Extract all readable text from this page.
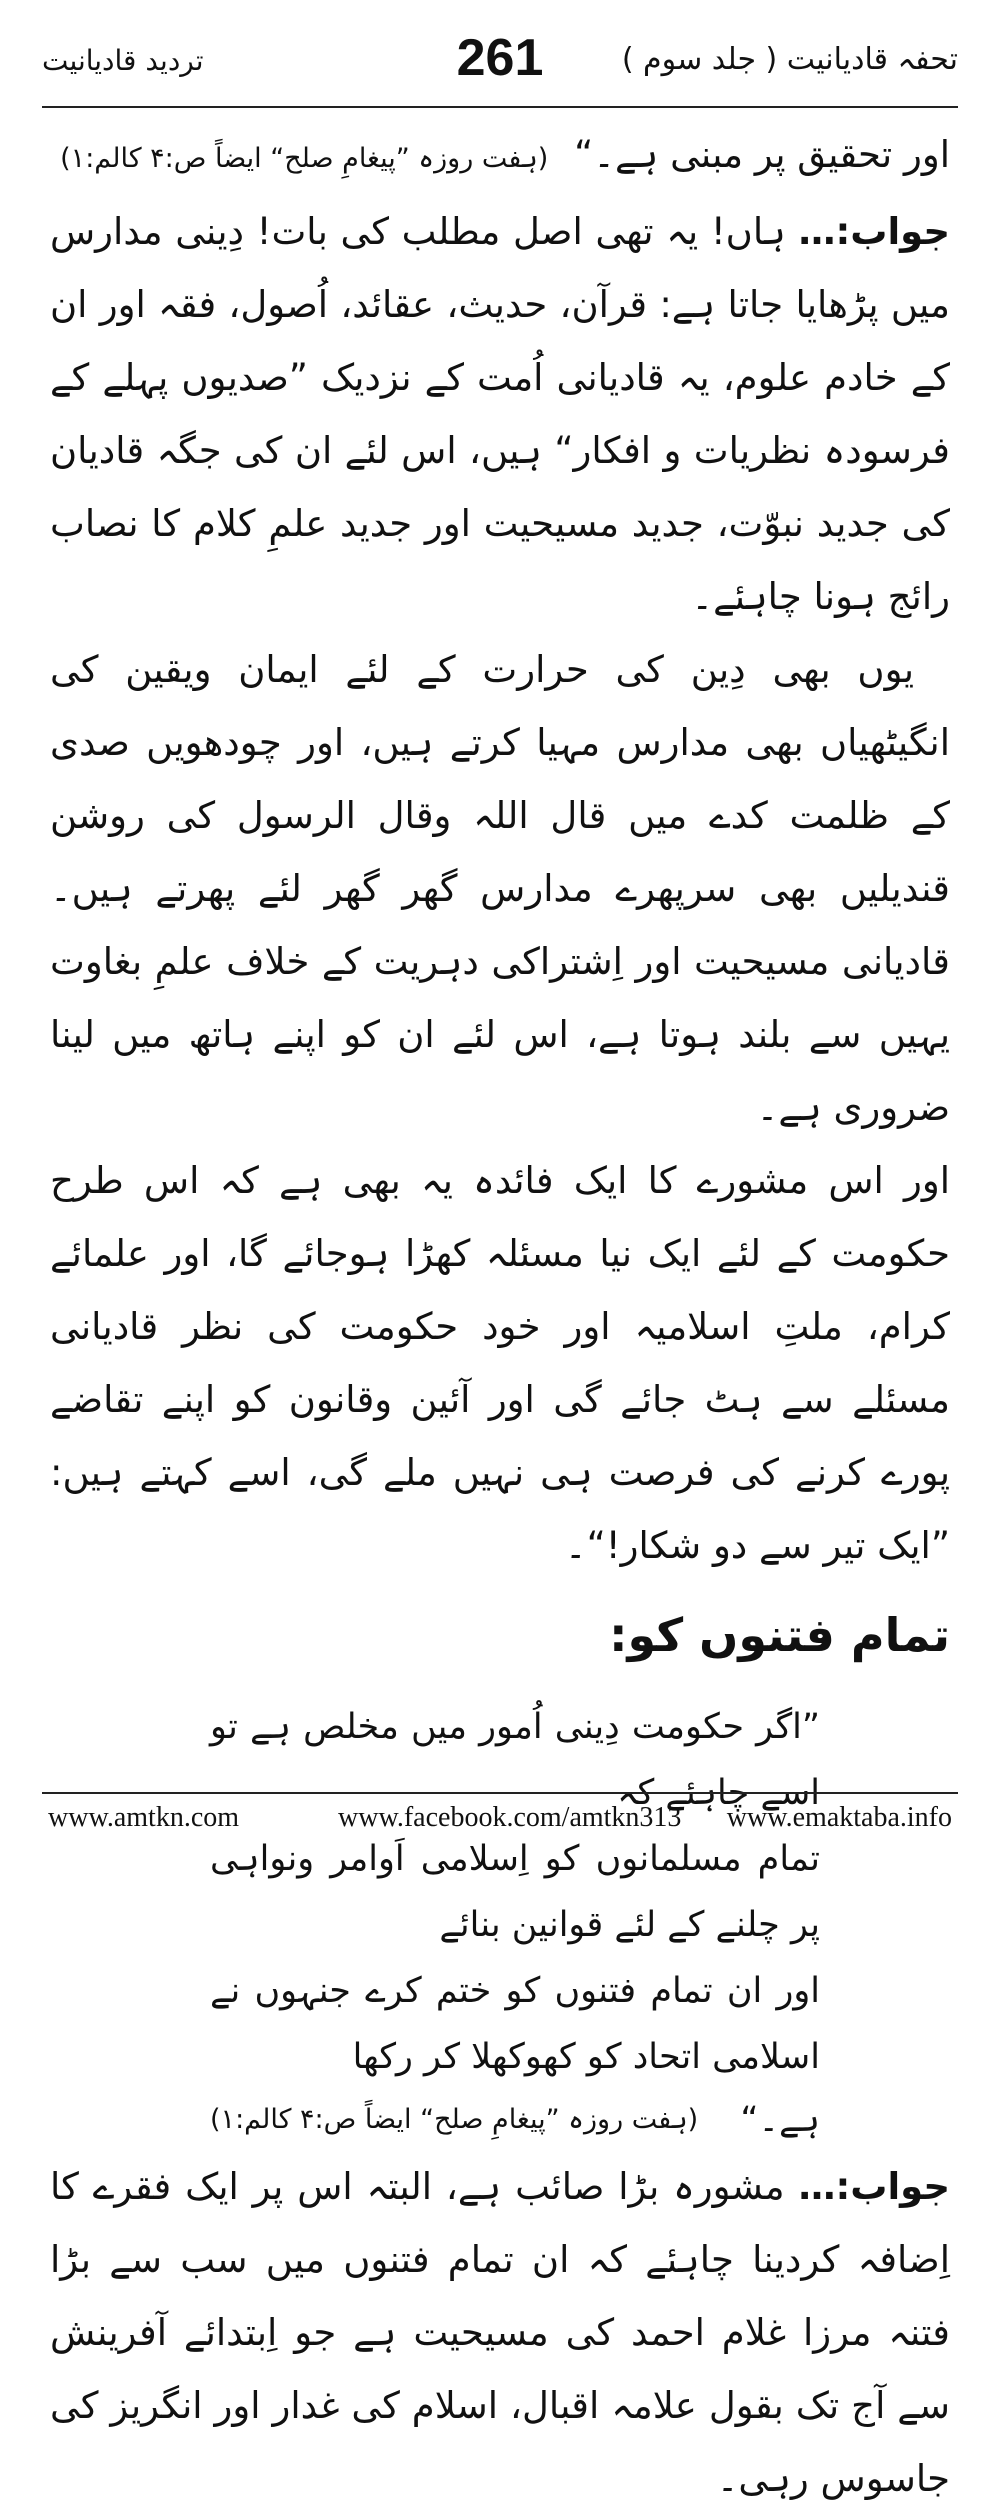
تحفہ قادیانیت ( جلد سوم )
261
تردید قادیانیت

اور تحقیق پر مبنی ہے۔“ (ہفت روزہ ”پیغامِ صلح“ ایضاً ص:۴ کالم:۱)

جواب:… ہاں! یہ تھی اصل مطلب کی بات! دِینی مدارس میں پڑھایا جاتا ہے: قرآن، حدیث، عقائد، اُصول، فقہ اور ان کے خادم علوم، یہ قادیانی اُمت کے نزدیک ”صدیوں پہلے کے فرسودہ نظریات و افکار“ ہیں، اس لئے ان کی جگہ قادیان کی جدید نبوّت، جدید مسیحیت اور جدید علمِ کلام کا نصاب رائج ہونا چاہئے۔

یوں بھی دِین کی حرارت کے لئے ایمان ویقین کی انگیٹھیاں بھی مدارس مہیا کرتے ہیں، اور چودھویں صدی کے ظلمت کدے میں قال اللہ وقال الرسول کی روشن قندیلیں بھی سرپھرے مدارس گھر گھر لئے پھرتے ہیں۔ قادیانی مسیحیت اور اِشتراکی دہریت کے خلاف علمِ بغاوت یہیں سے بلند ہوتا ہے، اس لئے ان کو اپنے ہاتھ میں لینا ضروری ہے۔

اور اس مشورے کا ایک فائدہ یہ بھی ہے کہ اس طرح حکومت کے لئے ایک نیا مسئلہ کھڑا ہوجائے گا، اور علمائے کرام، ملتِ اسلامیہ اور خود حکومت کی نظر قادیانی مسئلے سے ہٹ جائے گی اور آئین وقانون کو اپنے تقاضے پورے کرنے کی فرصت ہی نہیں ملے گی، اسے کہتے ہیں: ”ایک تیر سے دو شکار!“۔

تمام فتنوں کو:

”اگر حکومت دِینی اُمور میں مخلص ہے تو اسے چاہئے کہ

تمام مسلمانوں کو اِسلامی اَوامر ونواہی پر چلنے کے لئے قوانین بنائے

اور ان تمام فتنوں کو ختم کرے جنہوں نے اسلامی اتحاد کو کھوکھلا کر رکھا

ہے۔“
(ہفت روزہ ”پیغامِ صلح“ ایضاً ص:۴ کالم:۱)

جواب:… مشورہ بڑا صائب ہے، البتہ اس پر ایک فقرے کا اِضافہ کردینا چاہئے کہ ان تمام فتنوں میں سب سے بڑا فتنہ مرزا غلام احمد کی مسیحیت ہے جو اِبتدائے آفرینش سے آج تک بقول علامہ اقبال، اسلام کی غدار اور انگریز کی جاسوس رہی۔

www.amtkn.com	www.facebook.com/amtkn313 www.emaktaba.info
